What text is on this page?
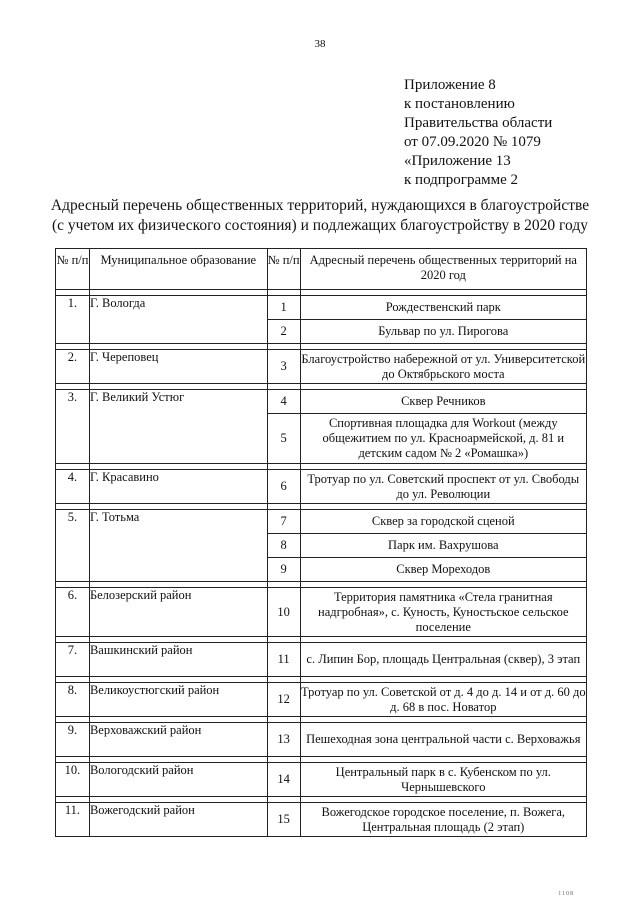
38
Приложение 8
к постановлению
Правительства области
от 07.09.2020 № 1079
«Приложение 13
к подпрограмме 2
Адресный перечень общественных территорий, нуждающихся в благоустройстве
(с учетом их физического состояния) и подлежащих благоустройству в 2020 году
№ п/п	Муниципальное образование	№ п/п	Адресный перечень общественных территорий на 2020 год

1.	Г. Вологда	1	Рождественский парк
		2	Бульвар по ул. Пирогова

2.	Г. Череповец	3	Благоустройство набережной от ул. Университетской до Октябрьского моста

3.	Г. Великий Устюг	4	Сквер Речников
		5	Спортивная площадка для Workout (между общежитием по ул. Красноармейской, д. 81 и детским садом № 2 «Ромашка»)

4.	Г. Красавино	6	Тротуар по ул. Советский проспект от ул. Свободы до ул. Революции

5.	Г. Тотьма	7	Сквер за городской сценой
		8	Парк им. Вахрушова
		9	Сквер Мореходов

6.	Белозерский район	10	Территория памятника «Стела гранитная надгробная», с. Куность, Куностьское сельское поселение

7.	Вашкинский район	11	с. Липин Бор, площадь Центральная (сквер), 3 этап

8.	Великоустюгский район	12	Тротуар по ул. Советской от д. 4 до д. 14 и от д. 60 до д. 68 в пос. Новатор

9.	Верховажский район	13	Пешеходная зона центральной части с. Верховажья

10.	Вологодский район	14	Центральный парк в с. Кубенском по ул. Чернышевского

11.	Вожегодский район	15	Вожегодское городское поселение, п. Вожега, Центральная площадь (2 этап)
1108
